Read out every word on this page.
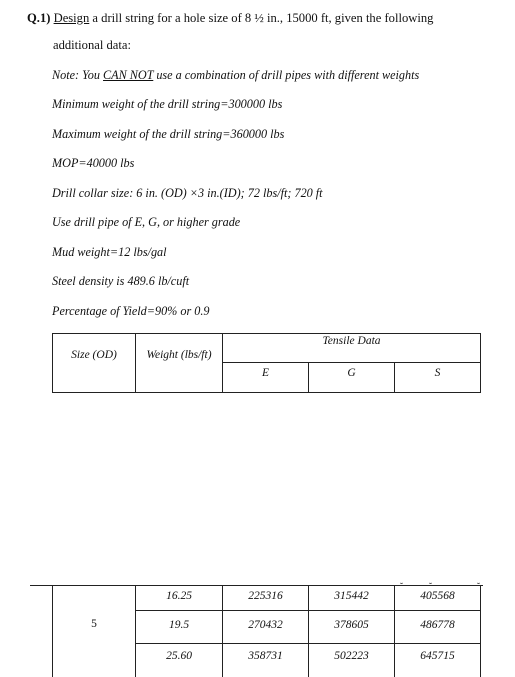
Q.1) Design a drill string for a hole size of 8 ½ in., 15000 ft, given the following
additional data:
Note: You CAN NOT use a combination of drill pipes with different weights
Minimum weight of the drill string=300000 lbs
Maximum weight of the drill string=360000 lbs
MOP=40000 lbs
Drill collar size: 6 in. (OD) ×3 in.(ID); 72 lbs/ft; 720 ft
Use drill pipe of E, G, or higher grade
Mud weight=12 lbs/gal
Steel density is 489.6 lb/cuft
Percentage of Yield=90% or 0.9
Size (OD)	Weight (lbs/ft)
Tensile Data
E	G	S
5
16.25	225316	315442	405568
19.5	270432	378605	486778
25.60	358731	502223	645715
